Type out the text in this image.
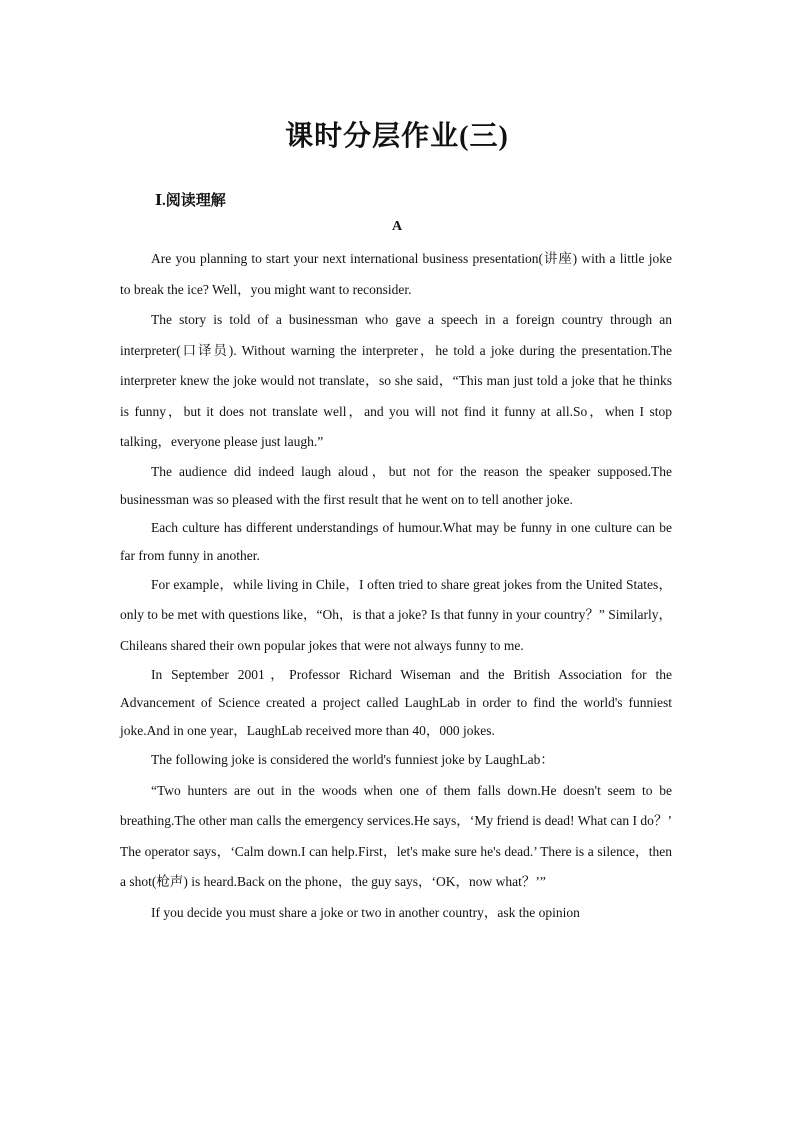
课时分层作业(三)
Ⅰ.阅读理解
A

Are you planning to start your next international business presentation(讲座) with a little joke to break the ice? Well，you might want to reconsider.

The story is told of a businessman who gave a speech in a foreign country through an interpreter(口译员). Without warning the interpreter，he told a joke during the presentation.The interpreter knew the joke would not translate，so she said，“This man just told a joke that he thinks is funny，but it does not translate well，and you will not find it funny at all.So，when I stop talking，everyone please just laugh.”

The audience did indeed laugh aloud，but not for the reason the speaker supposed.The businessman was so pleased with the first result that he went on to tell another joke.

Each culture has different understandings of humour.What may be funny in one culture can be far from funny in another.

For example，while living in Chile，I often tried to share great jokes from the United States，only to be met with questions like，“Oh，is that a joke? Is that funny in your country？” Similarly，Chileans shared their own popular jokes that were not always funny to me.

In September 2001，Professor Richard Wiseman and the British Association for the Advancement of Science created a project called LaughLab in order to find the world's funniest joke.And in one year，LaughLab received more than 40，000 jokes.

The following joke is considered the world's funniest joke by LaughLab：

“Two hunters are out in the woods when one of them falls down.He doesn't seem to be breathing.The other man calls the emergency services.He says，‘My friend is dead! What can I do？’ The operator says，‘Calm down.I can help.First，let's make sure he's dead.’ There is a silence，then a shot(枪声) is heard.Back on the phone，the guy says，‘OK，now what？’”

If you decide you must share a joke or two in another country，ask the opinion
